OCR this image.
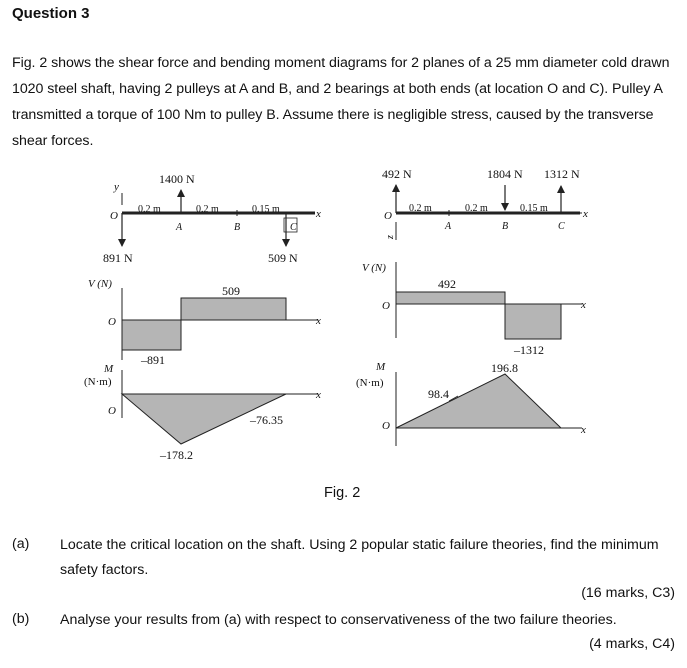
Question 3
Fig. 2 shows the shear force and bending moment diagrams for 2 planes of a 25 mm diameter cold drawn 1020 steel shaft, having 2 pulleys at A and B, and 2 bearings at both ends (at location O and C). Pulley A transmitted a torque of 100 Nm to pulley B. Assume there is negligible stress, caused by the transverse shear forces.
y
O	x
1400 N
891 N	509 N
0.2 m	0.2 m	0.15 m
A	B	C
V (N)
O	x
509
–891
M
(N·m)
O
x
–178.2
–76.35
492 N	1804 N 1312 N
O	x
z
0.2 m	0.2 m	0.15 m
A	B	C
V (N)
O	x
492
–1312
M
(N·m)
O	x
98.4
196.8
Fig. 2
(a) Locate the critical location on the shaft. Using 2 popular static failure theories, find the minimum safety factors.
(16 marks, C3)
(b) Analyse your results from (a) with respect to conservativeness of the two failure theories.
(4 marks, C4)
